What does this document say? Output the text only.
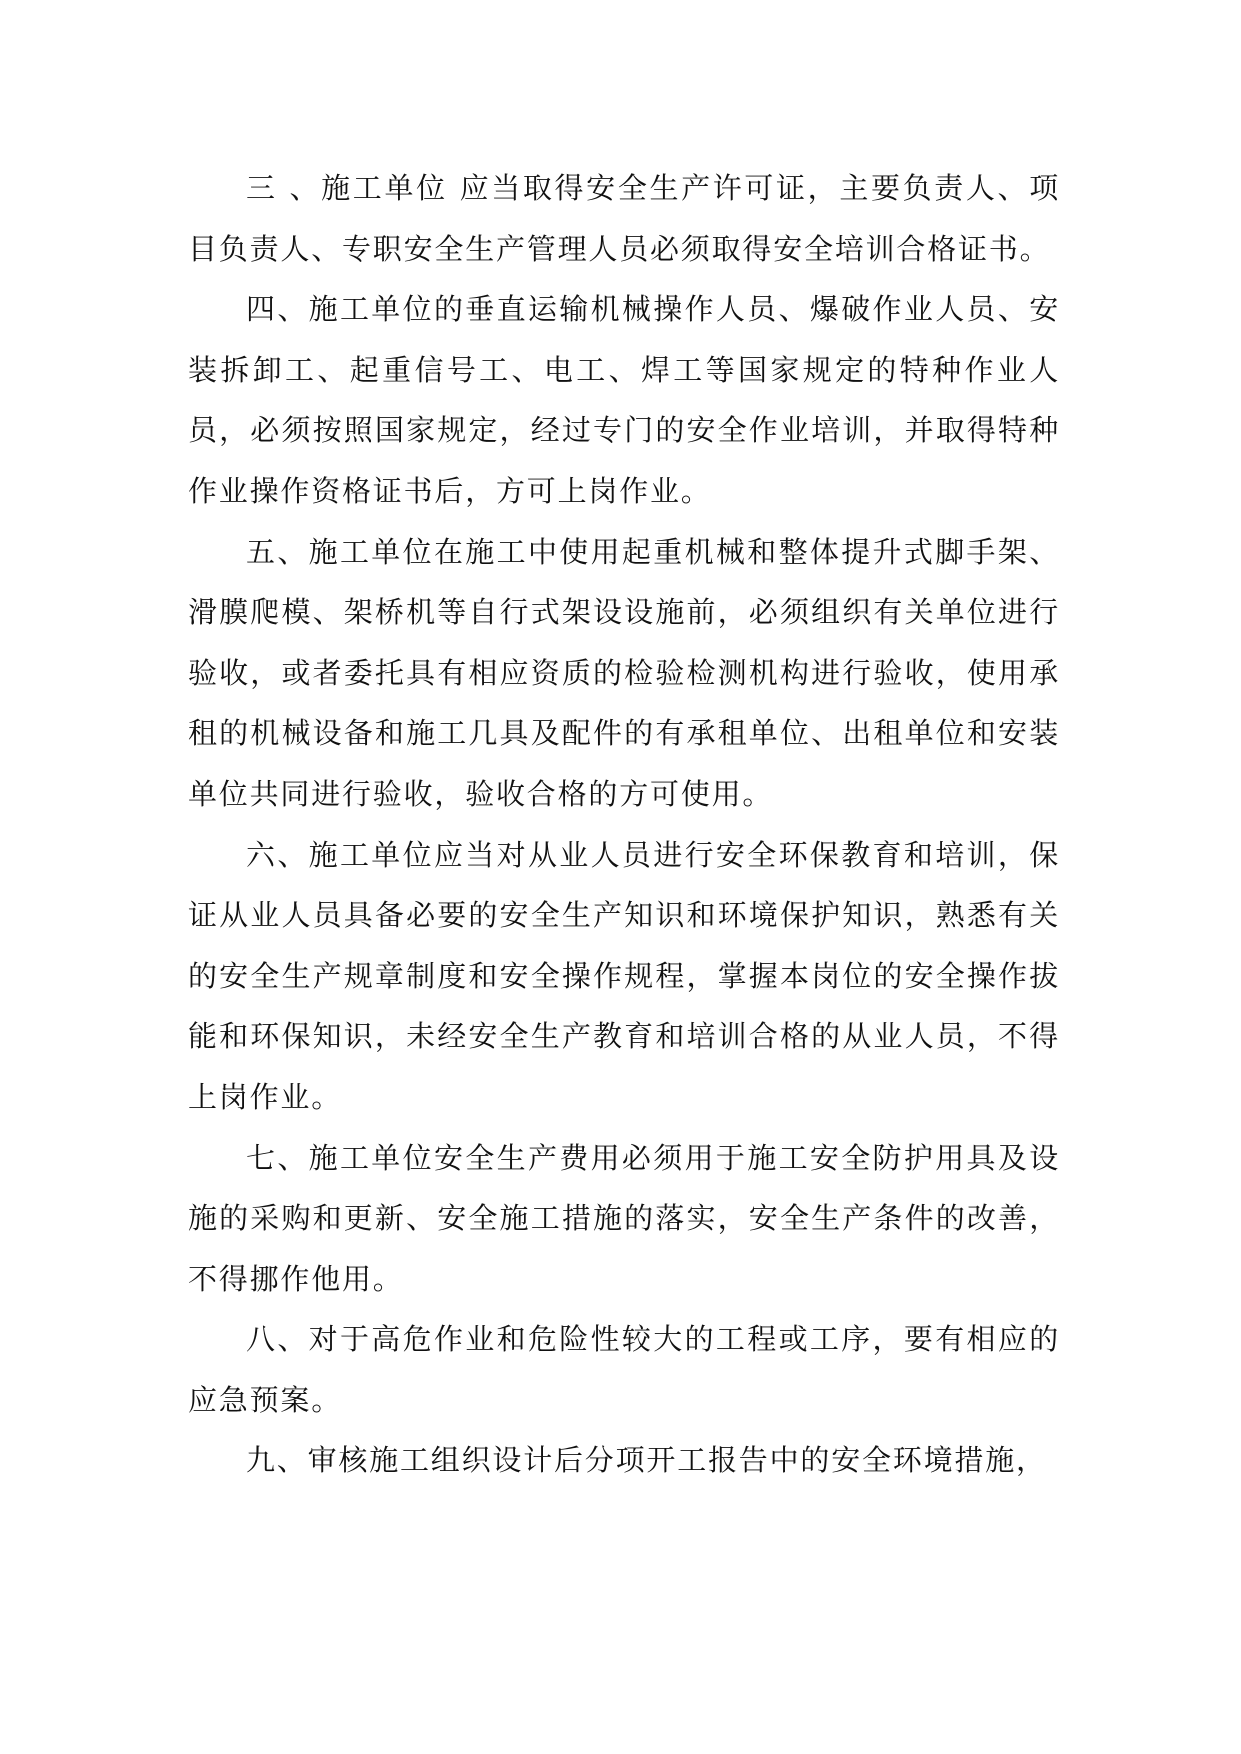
三 、施工单位 应当取得安全生产许可证，主要负责人、项目负责人、专职安全生产管理人员必须取得安全培训合格证书。

四、施工单位的垂直运输机械操作人员、爆破作业人员、安装拆卸工、起重信号工、电工、焊工等国家规定的特种作业人员，必须按照国家规定，经过专门的安全作业培训，并取得特种作业操作资格证书后，方可上岗作业。

五、施工单位在施工中使用起重机械和整体提升式脚手架、滑膜爬模、架桥机等自行式架设设施前，必须组织有关单位进行验收，或者委托具有相应资质的检验检测机构进行验收，使用承租的机械设备和施工几具及配件的有承租单位、出租单位和安装单位共同进行验收，验收合格的方可使用。

六、施工单位应当对从业人员进行安全环保教育和培训，保证从业人员具备必要的安全生产知识和环境保护知识，熟悉有关的安全生产规章制度和安全操作规程，掌握本岗位的安全操作拔能和环保知识，未经安全生产教育和培训合格的从业人员，不得上岗作业。

七、施工单位安全生产费用必须用于施工安全防护用具及设施的采购和更新、安全施工措施的落实，安全生产条件的改善，不得挪作他用。

八、对于高危作业和危险性较大的工程或工序，要有相应的应急预案。

九、审核施工组织设计后分项开工报告中的安全环境措施，
